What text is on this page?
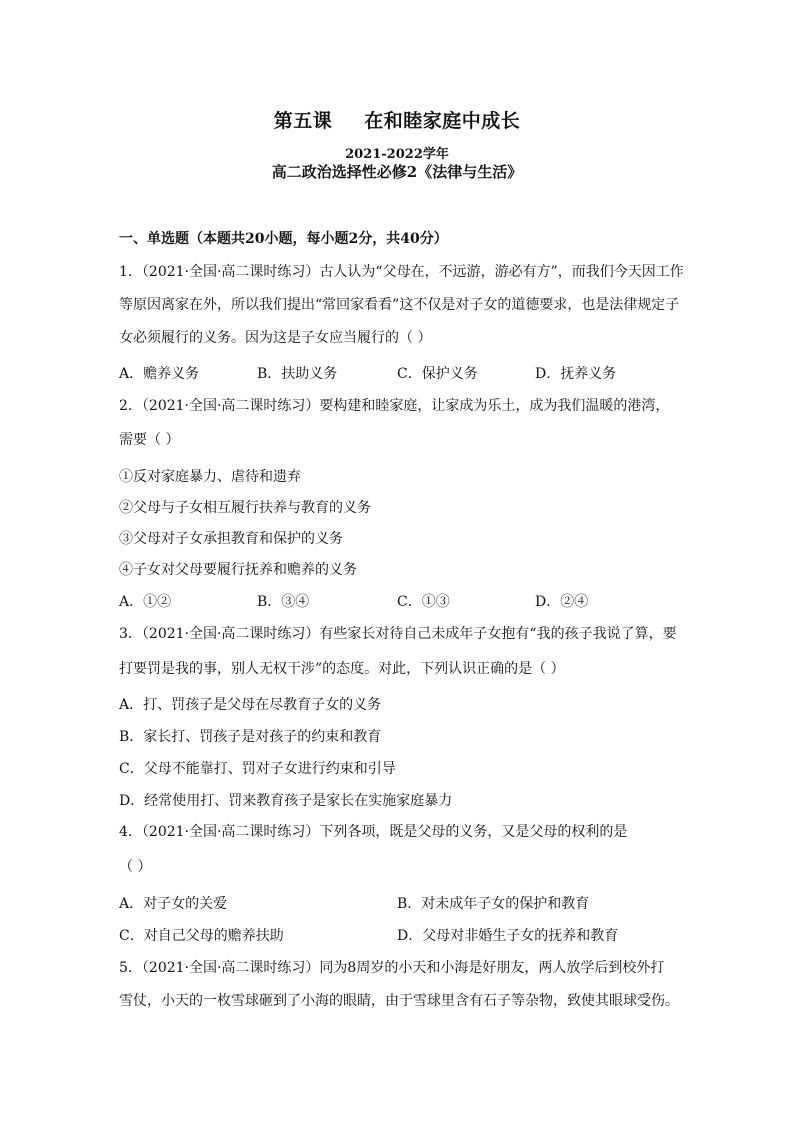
第五课 在和睦家庭中成长
2021-2022学年
高二政治选择性必修2《法律与生活》
一、单选题（本题共20小题，每小题2分，共40分）
1．（2021·全国·高二课时练习）古人认为“父母在，不远游，游必有方”，而我们今天因工作
等原因离家在外，所以我们提出“常回家看看”这不仅是对子女的道德要求，也是法律规定子
女必须履行的义务。因为这是子女应当履行的（ ）
A．赡养义务	B．扶助义务	C．保护义务	D．抚养义务
2．（2021·全国·高二课时练习）要构建和睦家庭，让家成为乐土，成为我们温暖的港湾，
需要（ ）
①反对家庭暴力、虐待和遗弃
②父母与子女相互履行扶养与教育的义务
③父母对子女承担教育和保护的义务
④子女对父母要履行抚养和赡养的义务
A．①②	B．③④	C．①③	D．②④
3．（2021·全国·高二课时练习）有些家长对待自己未成年子女抱有“我的孩子我说了算，要
打要罚是我的事，别人无权干涉”的态度。对此，下列认识正确的是（ ）
A．打、罚孩子是父母在尽教育子女的义务
B．家长打、罚孩子是对孩子的约束和教育
C．父母不能靠打、罚对子女进行约束和引导
D．经常使用打、罚来教育孩子是家长在实施家庭暴力
4．（2021·全国·高二课时练习）下列各项，既是父母的义务，又是父母的权利的是
（ ）
A．对子女的关爱	B．对未成年子女的保护和教育
C．对自己父母的赡养扶助	D．父母对非婚生子女的抚养和教育
5．（2021·全国·高二课时练习）同为8周岁的小天和小海是好朋友，两人放学后到校外打
雪仗，小天的一枚雪球砸到了小海的眼睛，由于雪球里含有石子等杂物，致使其眼球受伤。
